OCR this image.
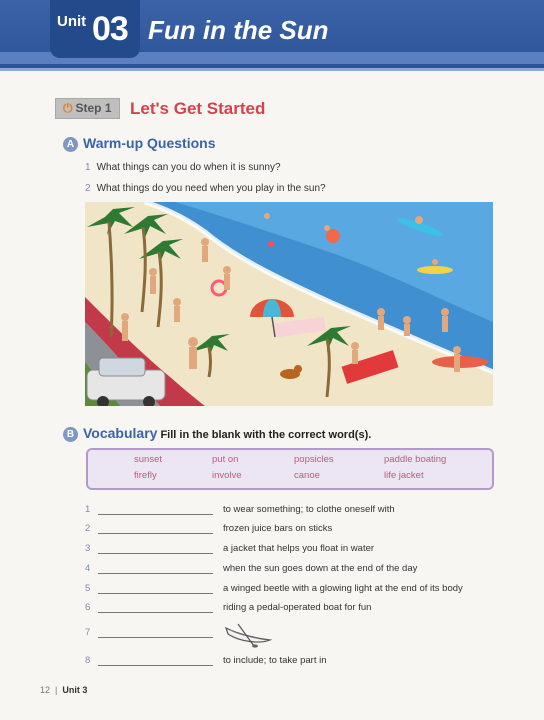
Unit 03 Fun in the Sun
⏻ Step 1 Let's Get Started
A Warm-up Questions
1 What things can you do when it is sunny?
2 What things do you need when you play in the sun?
B Vocabulary Fill in the blank with the correct word(s).
sunset	put on	popsicles	paddle boating
firefly	involve	canoe	life jacket
1	to wear something; to clothe oneself with
2	frozen juice bars on sticks
3	a jacket that helps you float in water
4	when the sun goes down at the end of the day
5	a winged beetle with a glowing light at the end of its body
6	riding a pedal-operated boat for fun
7
8	to include; to take part in
12  |  Unit 3
